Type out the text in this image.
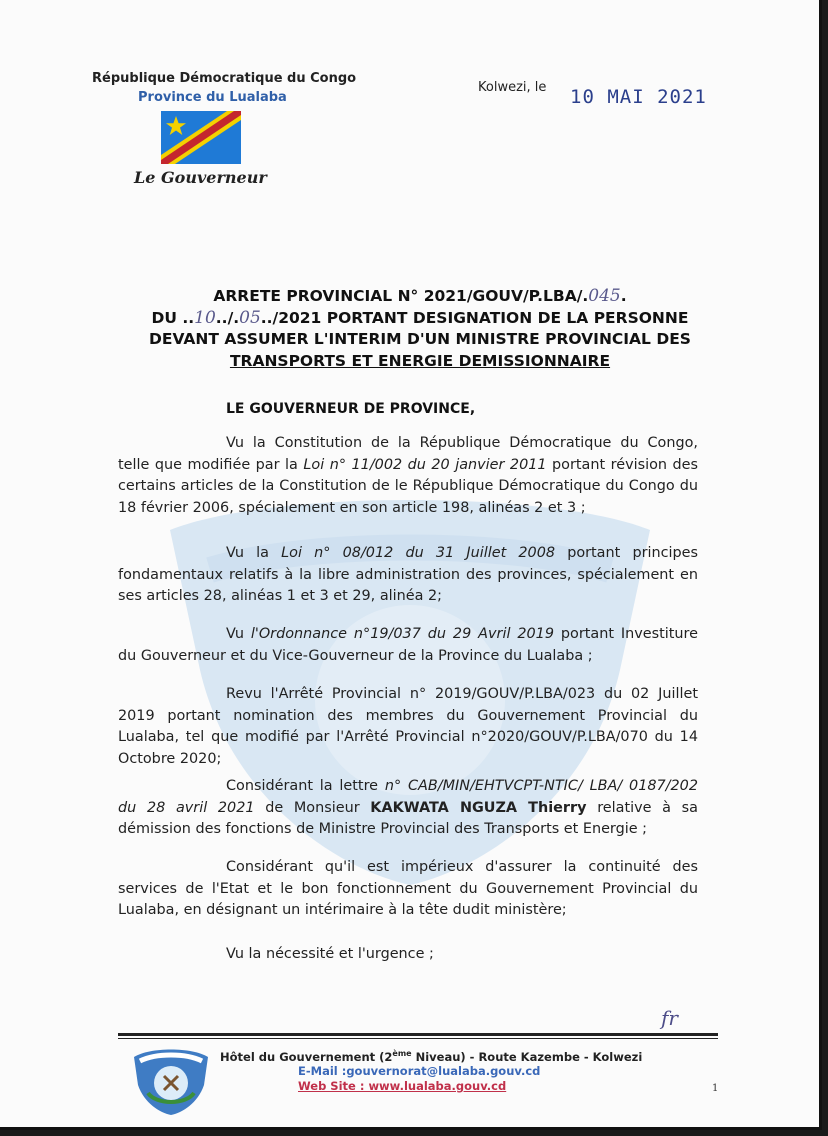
République Démocratique du Congo
Province du Lualaba
Le Gouverneur
Kolwezi, le 10 MAI 2021
ARRETE PROVINCIAL N° 2021/GOUV/P.LBA/.045.
DU ..10../.05../2021 PORTANT DESIGNATION DE LA PERSONNE
DEVANT ASSUMER L'INTERIM D'UN MINISTRE PROVINCIAL DES
TRANSPORTS ET ENERGIE DEMISSIONNAIRE
LE GOUVERNEUR DE PROVINCE,
Vu la Constitution de la République Démocratique du Congo, telle que modifiée par la Loi n° 11/002 du 20 janvier 2011 portant révision des certains articles de la Constitution de le République Démocratique du Congo du 18 février 2006, spécialement en son article 198, alinéas 2 et 3 ;
Vu la Loi n° 08/012 du 31 Juillet 2008 portant principes fondamentaux relatifs à la libre administration des provinces, spécialement en ses articles 28, alinéas 1 et 3 et 29, alinéa 2;
Vu l'Ordonnance n°19/037 du 29 Avril 2019 portant Investiture du Gouverneur et du Vice-Gouverneur de la Province du Lualaba ;
Revu l'Arrêté Provincial n° 2019/GOUV/P.LBA/023 du 02 Juillet 2019 portant nomination des membres du Gouvernement Provincial du Lualaba, tel que modifié par l'Arrêté Provincial n°2020/GOUV/P.LBA/070 du 14 Octobre 2020;
Considérant la lettre n° CAB/MIN/EHTVCPT-NTIC/ LBA/ 0187/202 du 28 avril 2021 de Monsieur KAKWATA NGUZA Thierry relative à sa démission des fonctions de Ministre Provincial des Transports et Energie ;
Considérant qu'il est impérieux d'assurer la continuité des services de l'Etat et le bon fonctionnement du Gouvernement Provincial du Lualaba, en désignant un intérimaire à la tête dudit ministère;
Vu la nécessité et l'urgence ;
fr
Hôtel du Gouvernement (2ème Niveau) - Route Kazembe - Kolwezi
E-Mail :gouvernorat@lualaba.gouv.cd
Web Site : www.lualaba.gouv.cd	1
